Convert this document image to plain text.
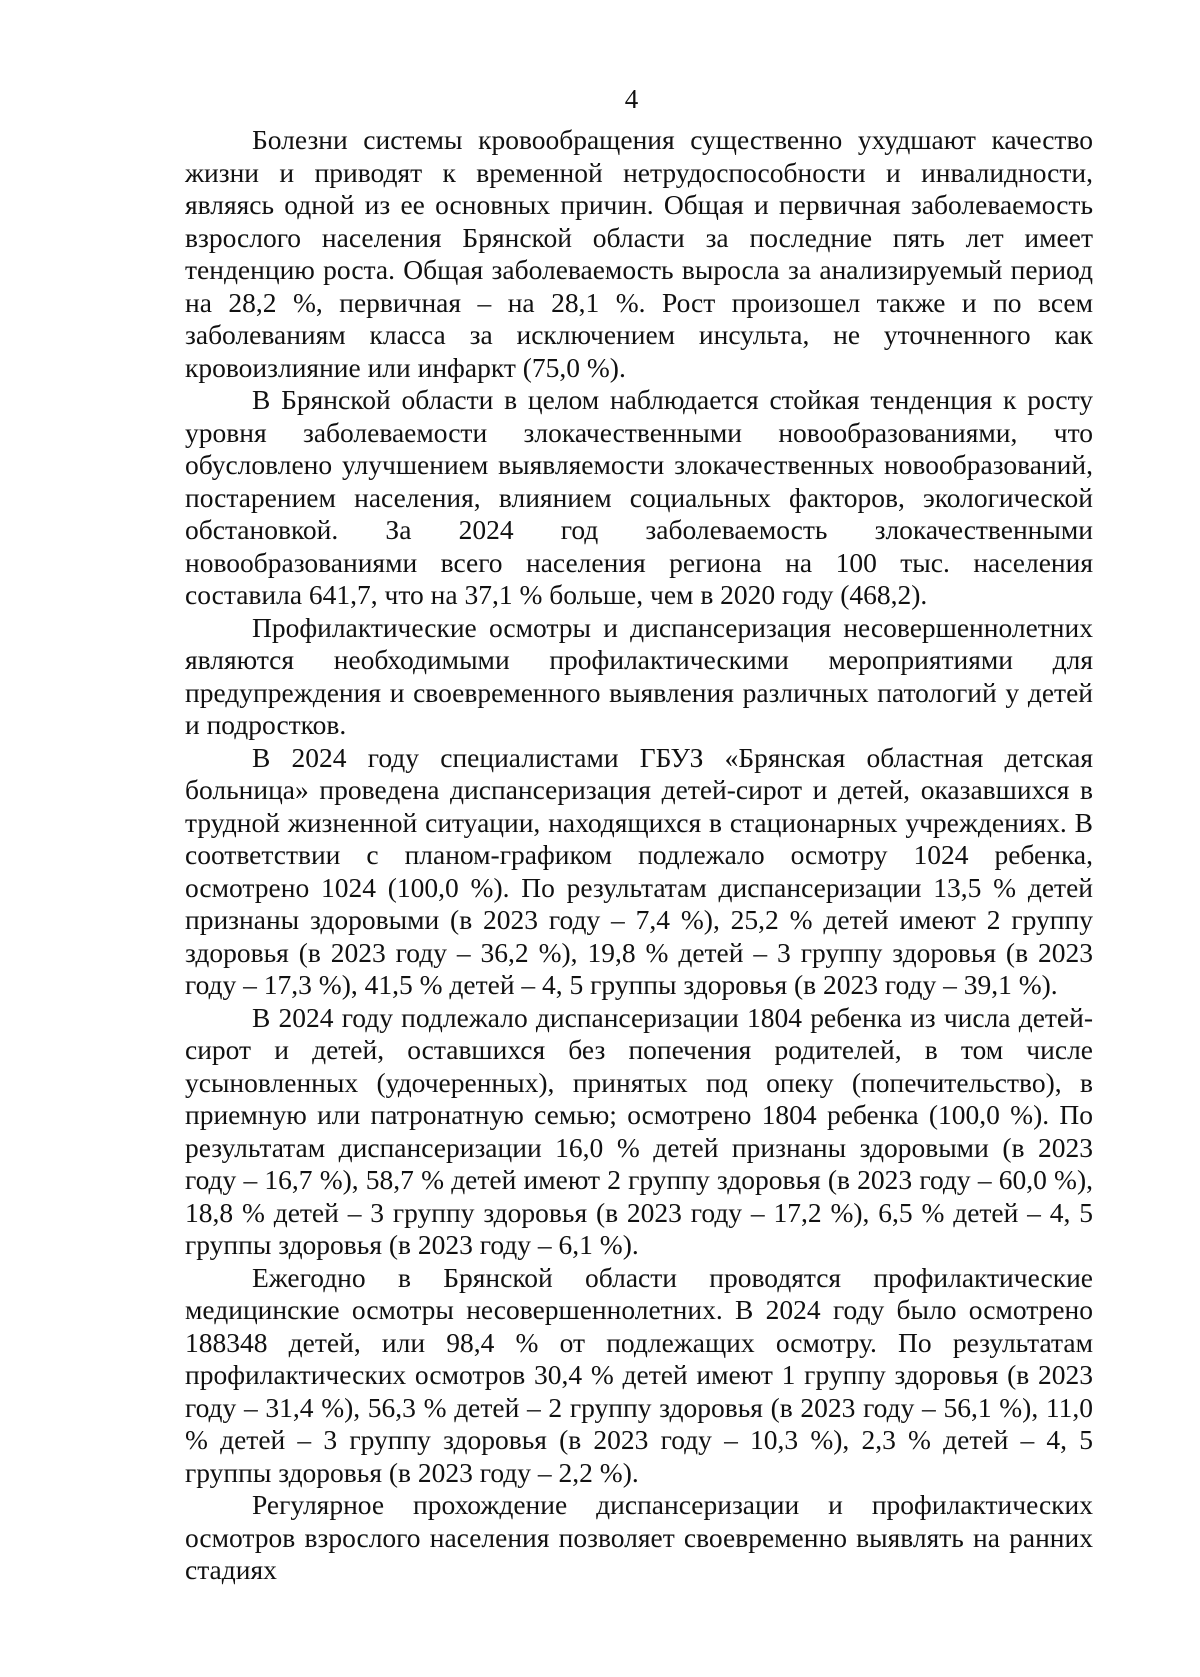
4

Болезни системы кровообращения существенно ухудшают качество жизни и приводят к временной нетрудоспособности и инвалидности, являясь одной из ее основных причин. Общая и первичная заболеваемость взрослого населения Брянской области за последние пять лет имеет тенденцию роста. Общая заболеваемость выросла за анализируемый период на 28,2 %, первичная – на 28,1 %. Рост произошел также и по всем заболеваниям класса за исключением инсульта, не уточненного как кровоизлияние или инфаркт (75,0 %).

В Брянской области в целом наблюдается стойкая тенденция к росту уровня заболеваемости злокачественными новообразованиями, что обусловлено улучшением выявляемости злокачественных новообразований, постарением населения, влиянием социальных факторов, экологической обстановкой. За 2024 год заболеваемость злокачественными новообразованиями всего населения региона на 100 тыс. населения составила 641,7, что на 37,1 % больше, чем в 2020 году (468,2).

Профилактические осмотры и диспансеризация несовершеннолетних являются необходимыми профилактическими мероприятиями для предупреждения и своевременного выявления различных патологий у детей и подростков.

В 2024 году специалистами ГБУЗ «Брянская областная детская больница» проведена диспансеризация детей-сирот и детей, оказавшихся в трудной жизненной ситуации, находящихся в стационарных учреждениях. В соответствии с планом-графиком подлежало осмотру 1024 ребенка, осмотрено 1024 (100,0 %). По результатам диспансеризации 13,5 % детей признаны здоровыми (в 2023 году – 7,4 %), 25,2 % детей имеют 2 группу здоровья (в 2023 году – 36,2 %), 19,8 % детей – 3 группу здоровья (в 2023 году – 17,3 %), 41,5 % детей – 4, 5 группы здоровья (в 2023 году – 39,1 %).

В 2024 году подлежало диспансеризации 1804 ребенка из числа детей-сирот и детей, оставшихся без попечения родителей, в том числе усыновленных (удочеренных), принятых под опеку (попечительство), в приемную или патронатную семью; осмотрено 1804 ребенка (100,0 %). По результатам диспансеризации 16,0 % детей признаны здоровыми (в 2023 году – 16,7 %), 58,7 % детей имеют 2 группу здоровья (в 2023 году – 60,0 %), 18,8 % детей – 3 группу здоровья (в 2023 году – 17,2 %), 6,5 % детей – 4, 5 группы здоровья (в 2023 году – 6,1 %).

Ежегодно в Брянской области проводятся профилактические медицинские осмотры несовершеннолетних. В 2024 году было осмотрено 188348 детей, или 98,4 % от подлежащих осмотру. По результатам профилактических осмотров 30,4 % детей имеют 1 группу здоровья (в 2023 году – 31,4 %), 56,3 % детей – 2 группу здоровья (в 2023 году – 56,1 %), 11,0 % детей – 3 группу здоровья (в 2023 году – 10,3 %), 2,3 % детей – 4, 5 группы здоровья (в 2023 году – 2,2 %).

Регулярное прохождение диспансеризации и профилактических осмотров взрослого населения позволяет своевременно выявлять на ранних стадиях
